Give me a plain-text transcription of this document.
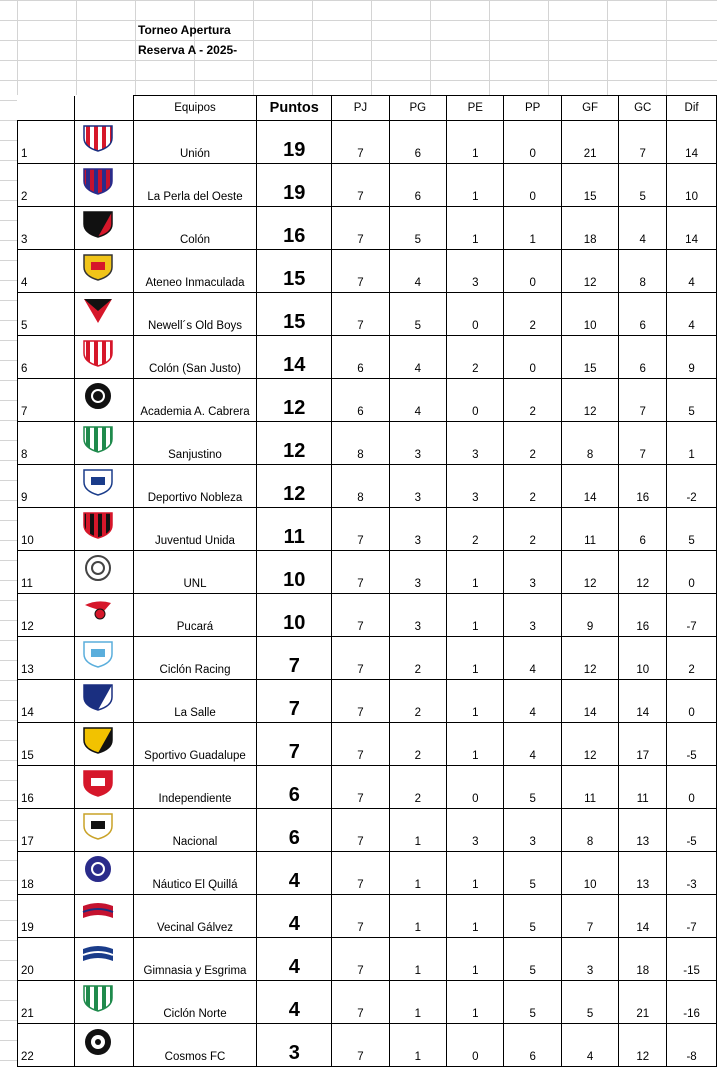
Torneo Apertura
Reserva A - 2025-
		Equipos	Puntos	PJ	PG	PE	PP	GF	GC	Dif
1		Unión	19	7	6	1	0	21	7	14
2		La Perla del Oeste	19	7	6	1	0	15	5	10
3		Colón	16	7	5	1	1	18	4	14
4		Ateneo Inmaculada	15	7	4	3	0	12	8	4
5		Newell´s Old Boys	15	7	5	0	2	10	6	4
6		Colón (San Justo)	14	6	4	2	0	15	6	9
7		Academia A. Cabrera	12	6	4	0	2	12	7	5
8		Sanjustino	12	8	3	3	2	8	7	1
9		Deportivo Nobleza	12	8	3	3	2	14	16	-2
10		Juventud Unida	11	7	3	2	2	11	6	5
11		UNL	10	7	3	1	3	12	12	0
12		Pucará	10	7	3	1	3	9	16	-7
13		Ciclón Racing	7	7	2	1	4	12	10	2
14		La Salle	7	7	2	1	4	14	14	0
15		Sportivo Guadalupe	7	7	2	1	4	12	17	-5
16		Independiente	6	7	2	0	5	11	11	0
17		Nacional	6	7	1	3	3	8	13	-5
18		Náutico El Quillá	4	7	1	1	5	10	13	-3
19		Vecinal Gálvez	4	7	1	1	5	7	14	-7
20		Gimnasia y Esgrima	4	7	1	1	5	3	18	-15
21		Ciclón Norte	4	7	1	1	5	5	21	-16
22		Cosmos FC	3	7	1	0	6	4	12	-8
